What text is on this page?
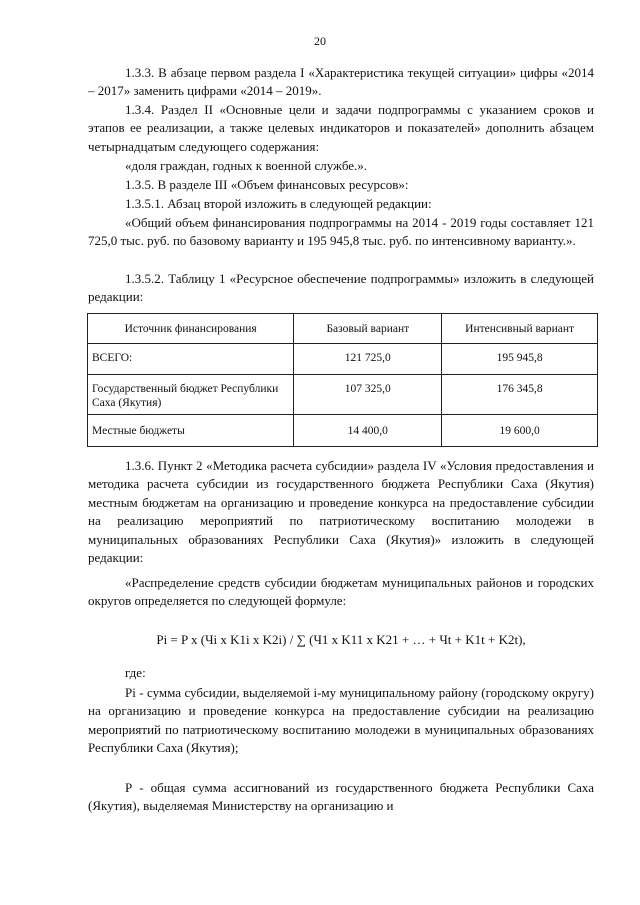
20

1.3.3. В абзаце первом раздела I «Характеристика текущей ситуации» цифры «2014 – 2017» заменить цифрами «2014 – 2019».

1.3.4. Раздел II «Основные цели и задачи подпрограммы с указанием сроков и этапов ее реализации, а также целевых индикаторов и показателей» дополнить абзацем четырнадцатым следующего содержания:

«доля граждан, годных к военной службе.».

1.3.5. В разделе III «Объем финансовых ресурсов»:

1.3.5.1. Абзац второй изложить в следующей редакции:

«Общий объем финансирования подпрограммы на 2014 - 2019 годы составляет 121 725,0 тыс. руб. по базовому варианту и 195 945,8 тыс. руб. по интенсивному варианту.».

1.3.5.2. Таблицу 1 «Ресурсное обеспечение подпрограммы» изложить в следующей редакции:

Источник финансирования	Базовый вариант	Интенсивный вариант
ВСЕГО:	121 725,0	195 945,8
Государственный бюджет Республики Саха (Якутия)	107 325,0	176 345,8
Местные бюджеты	14 400,0	19 600,0

1.3.6. Пункт 2 «Методика расчета субсидии» раздела IV «Условия предоставления и методика расчета субсидии из государственного бюджета Республики Саха (Якутия) местным бюджетам на организацию и проведение конкурса на предоставление субсидии на реализацию мероприятий по патриотическому воспитанию молодежи в муниципальных образованиях Республики Саха (Якутия)» изложить в следующей редакции:

«Распределение средств субсидии бюджетам муниципальных районов и городских округов определяется по следующей формуле:

Pi = P x (Чi x K1i x K2i) / ∑ (Ч1 x K11 x K21 + … + Чt + K1t + K2t),

где:

Pi - сумма субсидии, выделяемой i-му муниципальному району (городскому округу) на организацию и проведение конкурса на предоставление субсидии на реализацию мероприятий по патриотическому воспитанию молодежи в муниципальных образованиях Республики Саха (Якутия);

Р - общая сумма ассигнований из государственного бюджета Республики Саха (Якутия), выделяемая Министерству на организацию и
